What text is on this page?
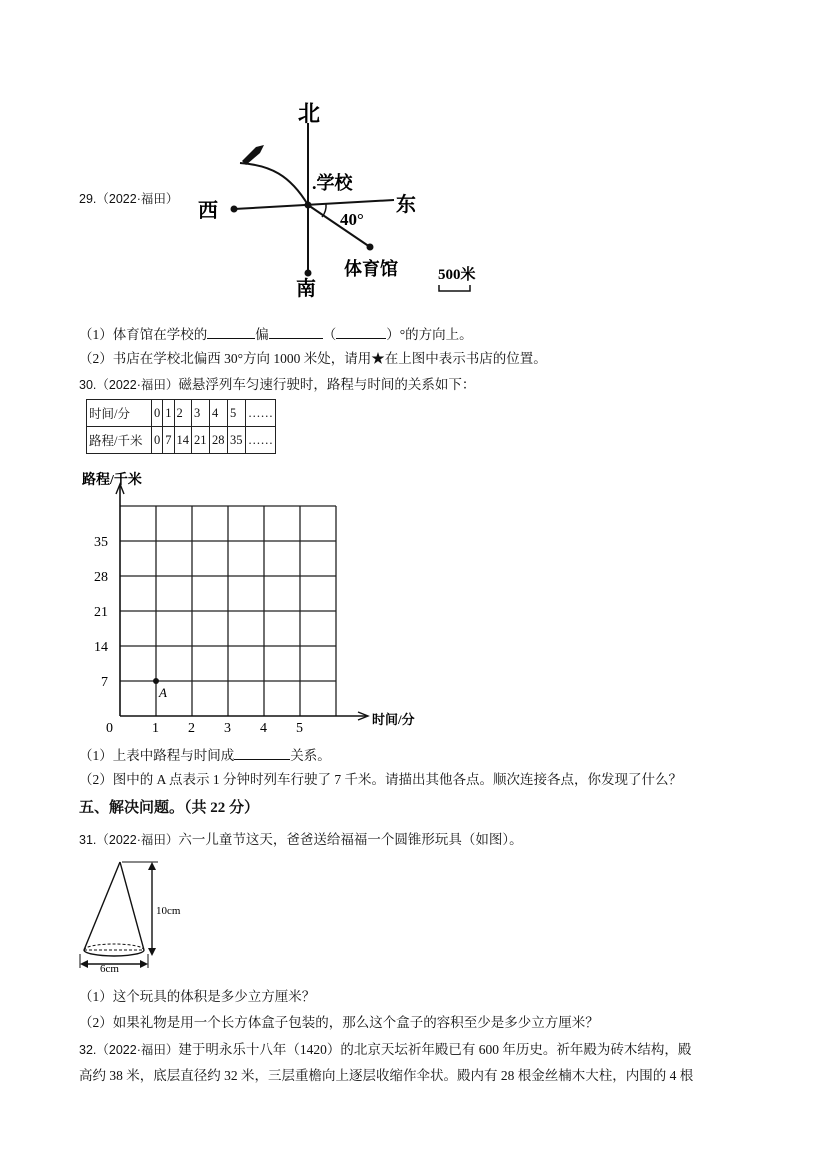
29.（2022·福田）
北
南
西	东
.学校
40°
体育馆	500米
（1）体育馆在学校的	偏	（	）°的方向上。
（2）书店在学校北偏西 30°方向 1000 米处，请用★在上图中表示书店的位置。
30.（2022·福田）磁悬浮列车匀速行驶时，路程与时间的关系如下：
时间/分	0	1	2	3	4	5	……
路程/千米	0	7	14	21	28	35	……
路程/千米
0	1 2 3 4 5
7
14
21
28
35
时间/分
A
（1）上表中路程与时间成	关系。
（2）图中的 A 点表示 1 分钟时列车行驶了 7 千米。请描出其他各点。顺次连接各点，你发现了什么？
五、解决问题。（共 22 分）
31.（2022·福田）六一儿童节这天，爸爸送给福福一个圆锥形玩具（如图）。
10cm
6cm
（1）这个玩具的体积是多少立方厘米？
（2）如果礼物是用一个长方体盒子包装的，那么这个盒子的容积至少是多少立方厘米？
32.（2022·福田）建于明永乐十八年（1420）的北京天坛祈年殿已有 600 年历史。祈年殿为砖木结构，殿
高约 38 米，底层直径约 32 米，三层重檐向上逐层收缩作伞状。殿内有 28 根金丝楠木大柱，内围的 4 根
